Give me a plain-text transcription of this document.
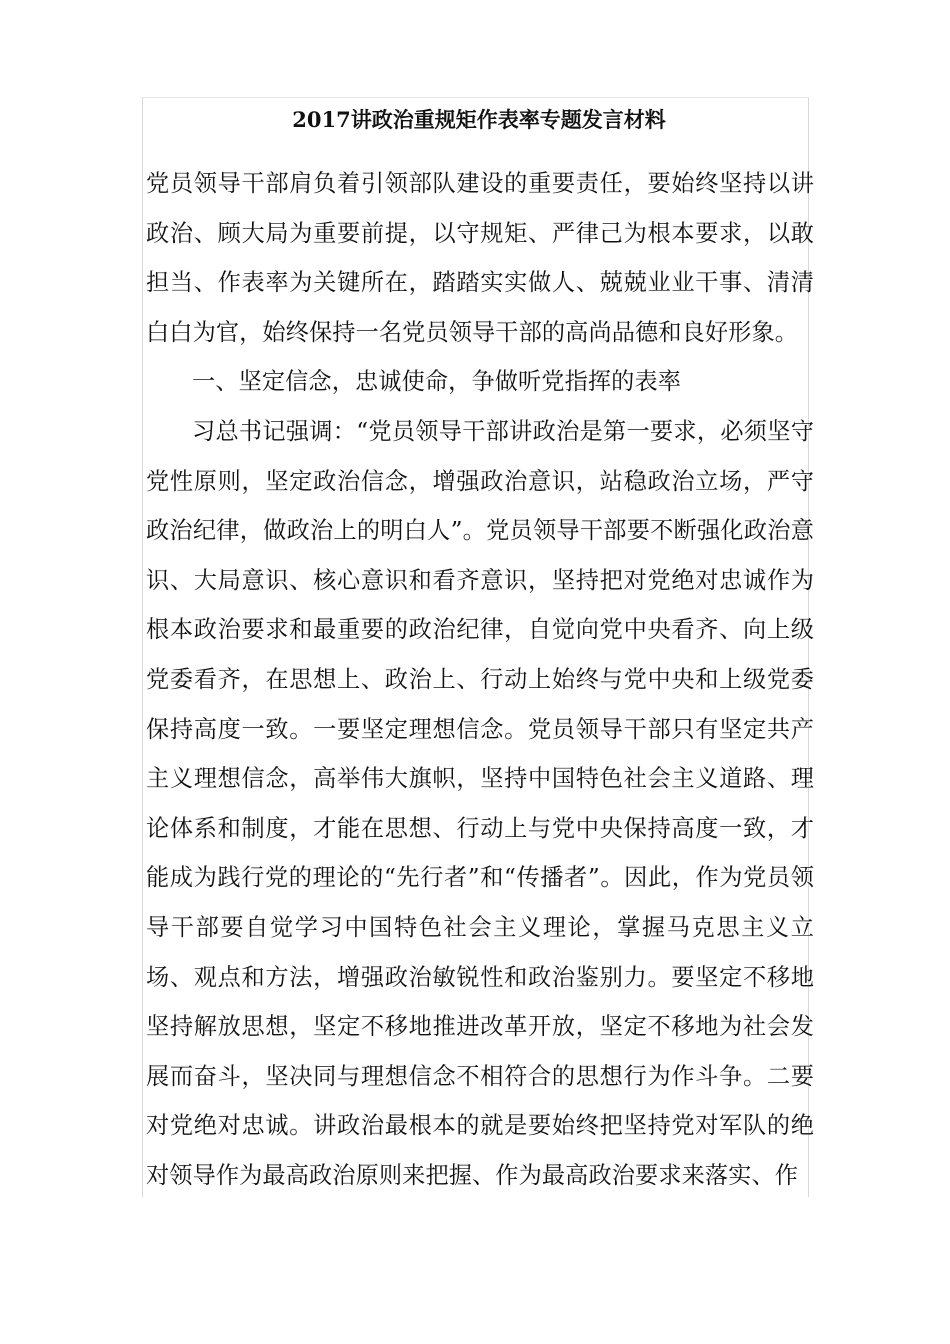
2017讲政治重规矩作表率专题发言材料

党员领导干部肩负着引领部队建设的重要责任，要始终坚持以讲政治、顾大局为重要前提，以守规矩、严律己为根本要求，以敢担当、作表率为关键所在，踏踏实实做人、兢兢业业干事、清清白白为官，始终保持一名党员领导干部的高尚品德和良好形象。

一、坚定信念，忠诚使命，争做听党指挥的表率

习总书记强调：“党员领导干部讲政治是第一要求，必须坚守党性原则，坚定政治信念，增强政治意识，站稳政治立场，严守政治纪律，做政治上的明白人”。党员领导干部要不断强化政治意识、大局意识、核心意识和看齐意识，坚持把对党绝对忠诚作为根本政治要求和最重要的政治纪律，自觉向党中央看齐、向上级党委看齐，在思想上、政治上、行动上始终与党中央和上级党委保持高度一致。一要坚定理想信念。党员领导干部只有坚定共产主义理想信念，高举伟大旗帜，坚持中国特色社会主义道路、理论体系和制度，才能在思想、行动上与党中央保持高度一致，才能成为践行党的理论的“先行者”和“传播者”。因此，作为党员领导干部要自觉学习中国特色社会主义理论，掌握马克思主义立场、观点和方法，增强政治敏锐性和政治鉴别力。要坚定不移地坚持解放思想，坚定不移地推进改革开放，坚定不移地为社会发展而奋斗，坚决同与理想信念不相符合的思想行为作斗争。二要对党绝对忠诚。讲政治最根本的就是要始终把坚持党对军队的绝对领导作为最高政治原则来把握、作为最高政治要求来落实、作
